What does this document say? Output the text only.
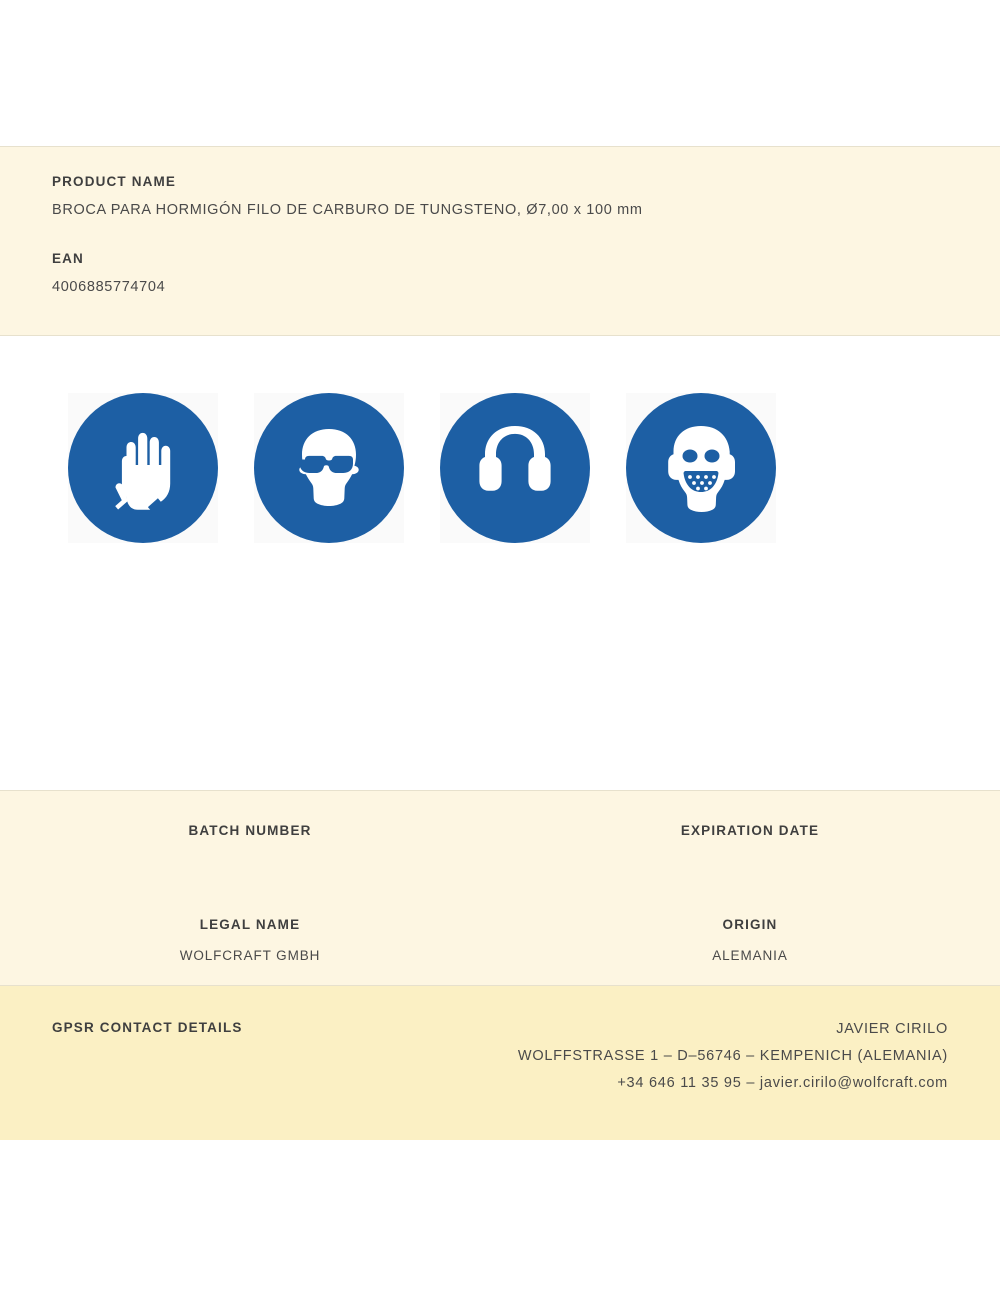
PRODUCT NAME

BROCA PARA HORMIGÓN FILO DE CARBURO DE TUNGSTENO, Ø7,00 x 100 mm

EAN

4006885774704

BATCH NUMBER

LEGAL NAME

WOLFCRAFT GMBH

EXPIRATION DATE

ORIGIN

ALEMANIA

GPSR CONTACT DETAILS	JAVIER CIRILO
WOLFFSTRASSE 1 – D–56746 – KEMPENICH (ALEMANIA)
+34 646 11 35 95 – javier.cirilo@wolfcraft.com
